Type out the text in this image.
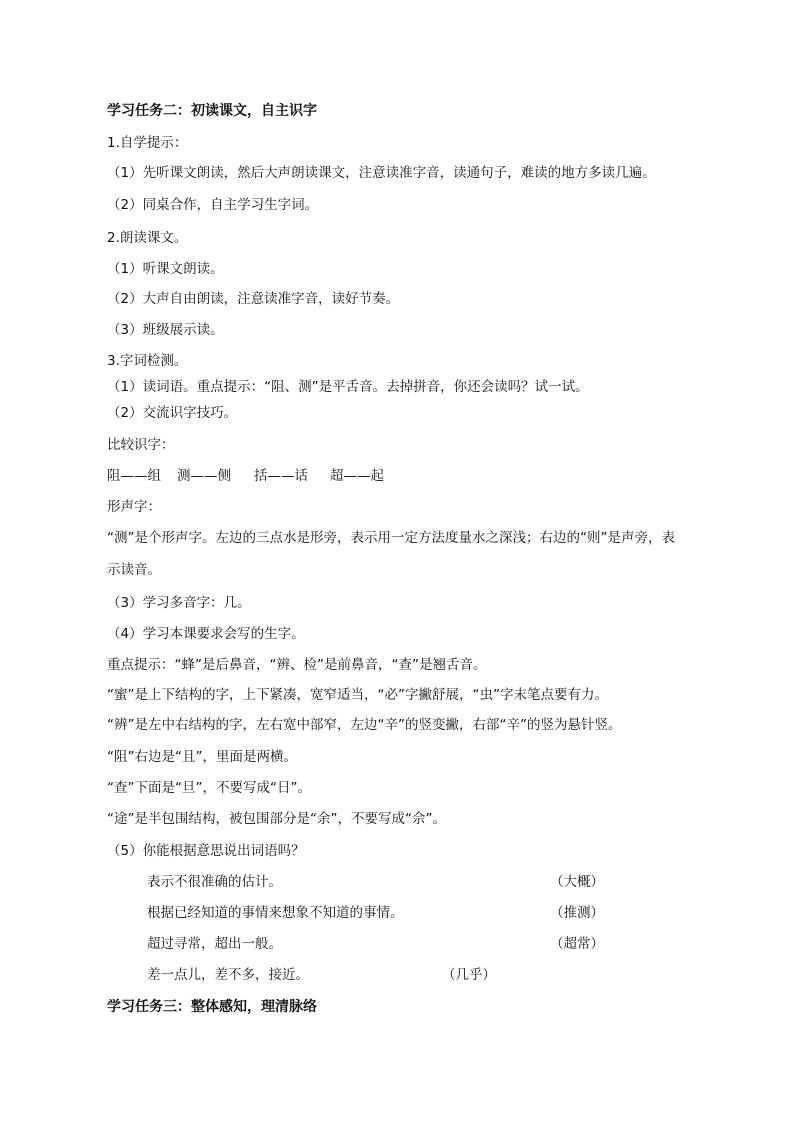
学习任务二：初读课文，自主识字
1.自学提示：
（1）先听课文朗读，然后大声朗读课文，注意读准字音，读通句子，难读的地方多读几遍。
（2）同桌合作，自主学习生字词。
2.朗读课文。
（1）听课文朗读。
（2）大声自由朗读，注意读准字音，读好节奏。
（3）班级展示读。
3.字词检测。
（1）读词语。重点提示：“阻、测”是平舌音。去掉拼音，你还会读吗？试一试。
（2）交流识字技巧。
比较识字：
阻——组 测——侧 括——话 超——起
形声字：
“测”是个形声字。左边的三点水是形旁，表示用一定方法度量水之深浅；右边的“则”是声旁，表
示读音。
（3）学习多音字：几。
（4）学习本课要求会写的生字。
重点提示：“蜂”是后鼻音，“辨、检”是前鼻音，“查”是翘舌音。
“蜜”是上下结构的字，上下紧凑，宽窄适当，“必”字撇舒展，“虫”字末笔点要有力。
“辨”是左中右结构的字，左右宽中部窄，左边“辛”的竖变撇，右部“辛”的竖为悬针竖。
“阻”右边是“且”，里面是两横。
“查”下面是“旦”，不要写成“日”。
“途”是半包围结构，被包围部分是“余”，不要写成“佘”。
（5）你能根据意思说出词语吗？
表示不很准确的估计。	（大概）
根据已经知道的事情来想象不知道的事情。	（推测）
超过寻常，超出一般。	（超常）
差一点儿，差不多，接近。	（几乎）
学习任务三：整体感知，理清脉络
